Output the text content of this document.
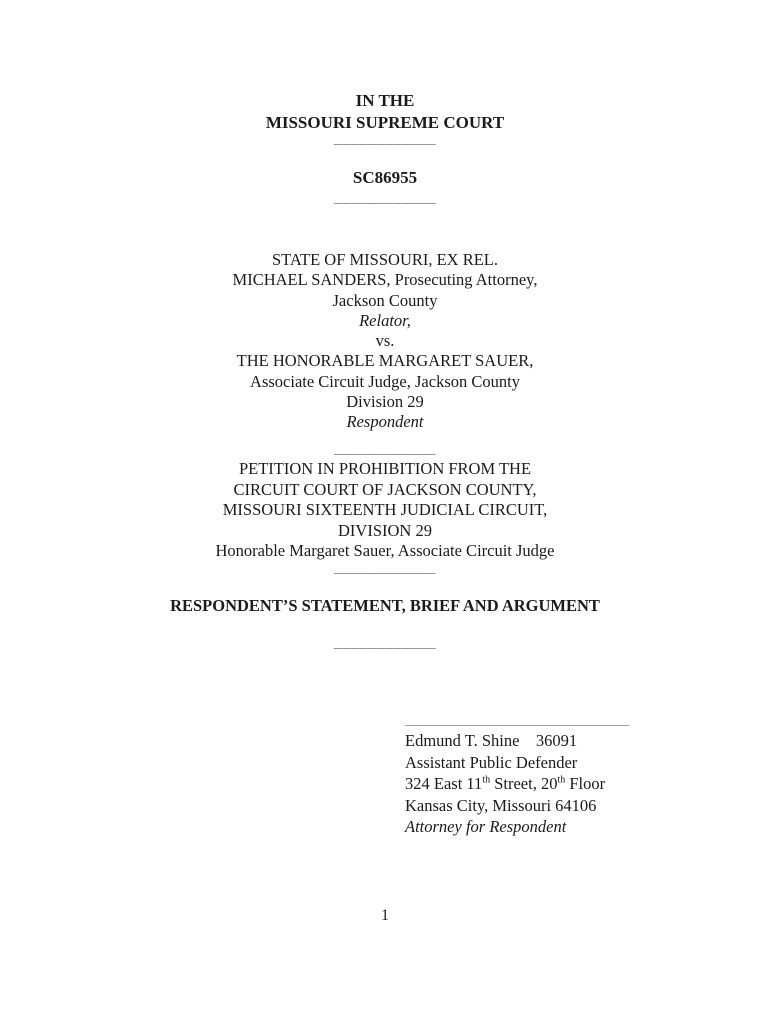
IN THE
MISSOURI SUPREME COURT
____________
SC86955
____________
STATE OF MISSOURI, EX REL.
MICHAEL SANDERS, Prosecuting Attorney,
Jackson County
Relator,
vs.
THE HONORABLE MARGARET SAUER,
Associate Circuit Judge, Jackson County
Division 29
Respondent
____________
PETITION IN PROHIBITION FROM THE
CIRCUIT COURT OF JACKSON COUNTY,
MISSOURI SIXTEENTH JUDICIAL CIRCUIT,
DIVISION 29
Honorable Margaret Sauer, Associate Circuit Judge
____________
RESPONDENT’S STATEMENT, BRIEF AND ARGUMENT
____________
____________________________
Edmund T. Shine    36091
Assistant Public Defender
324 East 11th Street, 20th Floor
Kansas City, Missouri 64106
Attorney for Respondent
1
